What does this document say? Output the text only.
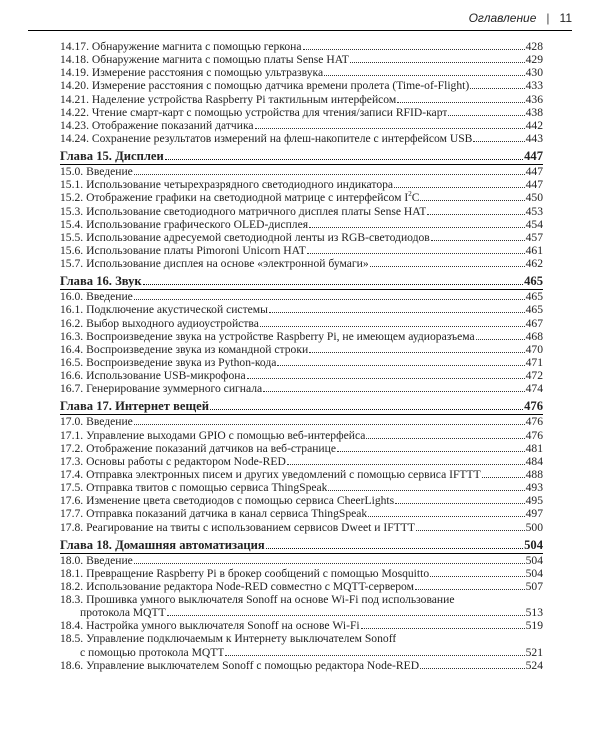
Оглавление | 11
14.17. Обнаружение магнита с помощью геркона	428
14.18. Обнаружение магнита с помощью платы Sense HAT	429
14.19. Измерение расстояния с помощью ультразвука	430
14.20. Измерение расстояния с помощью датчика времени пролета (Time-of-Flight)	433
14.21. Наделение устройства Raspberry Pi тактильным интерфейсом	436
14.22. Чтение смарт-карт с помощью устройства для чтения/записи RFID-карт	438
14.23. Отображение показаний датчика	442
14.24. Сохранение результатов измерений на флеш-накопителе с интерфейсом USB	443
Глава 15. Дисплеи	447
15.0. Введение	447
15.1. Использование четырехразрядного светодиодного индикатора	447
15.2. Отображение графики на светодиодной матрице с интерфейсом $I^2C$	450
15.3. Использование светодиодного матричного дисплея платы Sense HAT	453
15.4. Использование графического OLED-дисплея	454
15.5. Использование адресуемой светодиодной ленты из RGB-светодиодов	457
15.6. Использование платы Pimoroni Unicorn HAT	461
15.7. Использование дисплея на основе «электронной бумаги»	462
Глава 16. Звук	465
16.0. Введение	465
16.1. Подключение акустической системы	465
16.2. Выбор выходного аудиоустройства	467
16.3. Воспроизведение звука на устройстве Raspberry Pi, не имеющем аудиоразъема	468
16.4. Воспроизведение звука из командной строки	470
16.5. Воспроизведение звука из Python-кода	471
16.6. Использование USB-микрофона	472
16.7. Генерирование зуммерного сигнала	474
Глава 17. Интернет вещей	476
17.0. Введение	476
17.1. Управление выходами GPIO с помощью веб-интерфейса	476
17.2. Отображение показаний датчиков на веб-странице	481
17.3. Основы работы с редактором Node-RED	484
17.4. Отправка электронных писем и других уведомлений с помощью сервиса IFTTT	488
17.5. Отправка твитов с помощью сервиса ThingSpeak	493
17.6. Изменение цвета светодиодов с помощью сервиса CheerLights	495
17.7. Отправка показаний датчика в канал сервиса ThingSpeak	497
17.8. Реагирование на твиты с использованием сервисов Dweet и IFTTT	500
Глава 18. Домашняя автоматизация	504
18.0. Введение	504
18.1. Превращение Raspberry Pi в брокер сообщений с помощью Mosquitto	504
18.2. Использование редактора Node-RED совместно с MQTT-сервером	507
18.3. Прошивка умного выключателя Sonoff на основе Wi-Fi под использование
протокола MQTT	513
18.4. Настройка умного выключателя Sonoff на основе Wi-Fi	519
18.5. Управление подключаемым к Интернету выключателем Sonoff
с помощью протокола MQTT	521
18.6. Управление выключателем Sonoff с помощью редактора Node-RED	524
